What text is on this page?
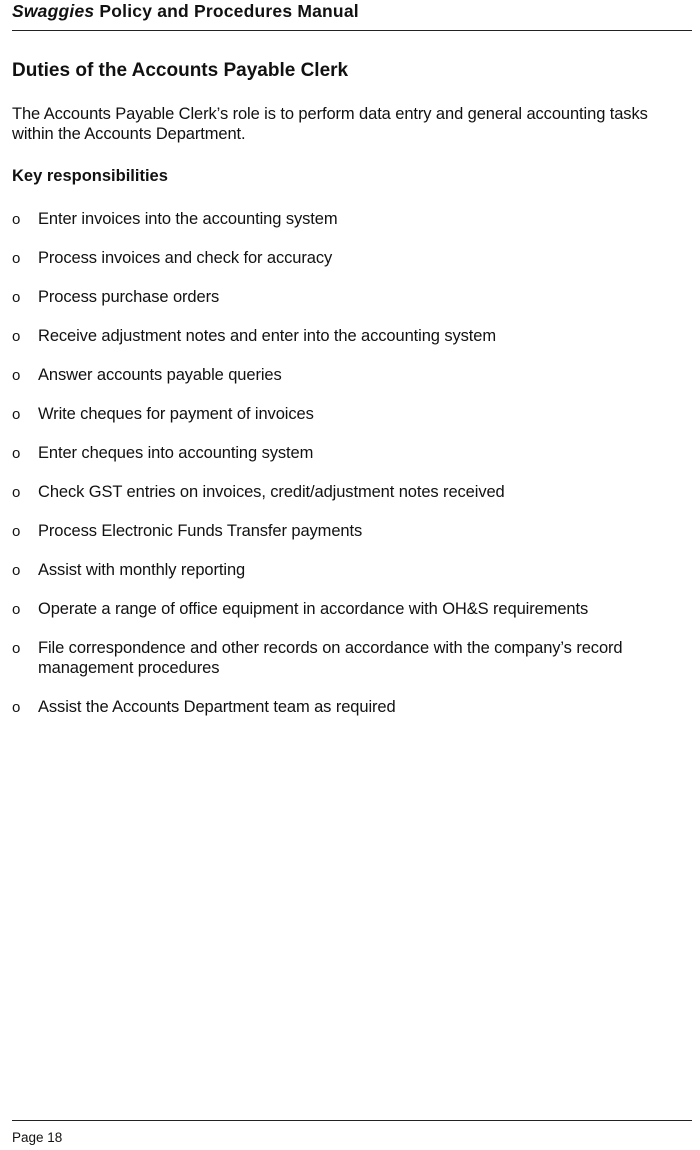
Swaggies Policy and Procedures Manual
Duties of the Accounts Payable Clerk

The Accounts Payable Clerk’s role is to perform data entry and general accounting tasks within the Accounts Department.

Key responsibilities
o Enter invoices into the accounting system
o Process invoices and check for accuracy
o Process purchase orders
o Receive adjustment notes and enter into the accounting system
o Answer accounts payable queries
o Write cheques for payment of invoices
o Enter cheques into accounting system
o Check GST entries on invoices, credit/adjustment notes received
o Process Electronic Funds Transfer payments
o Assist with monthly reporting
o Operate a range of office equipment in accordance with OH&S requirements
o File correspondence and other records on accordance with the company’s record management procedures
o Assist the Accounts Department team as required
Page 18
